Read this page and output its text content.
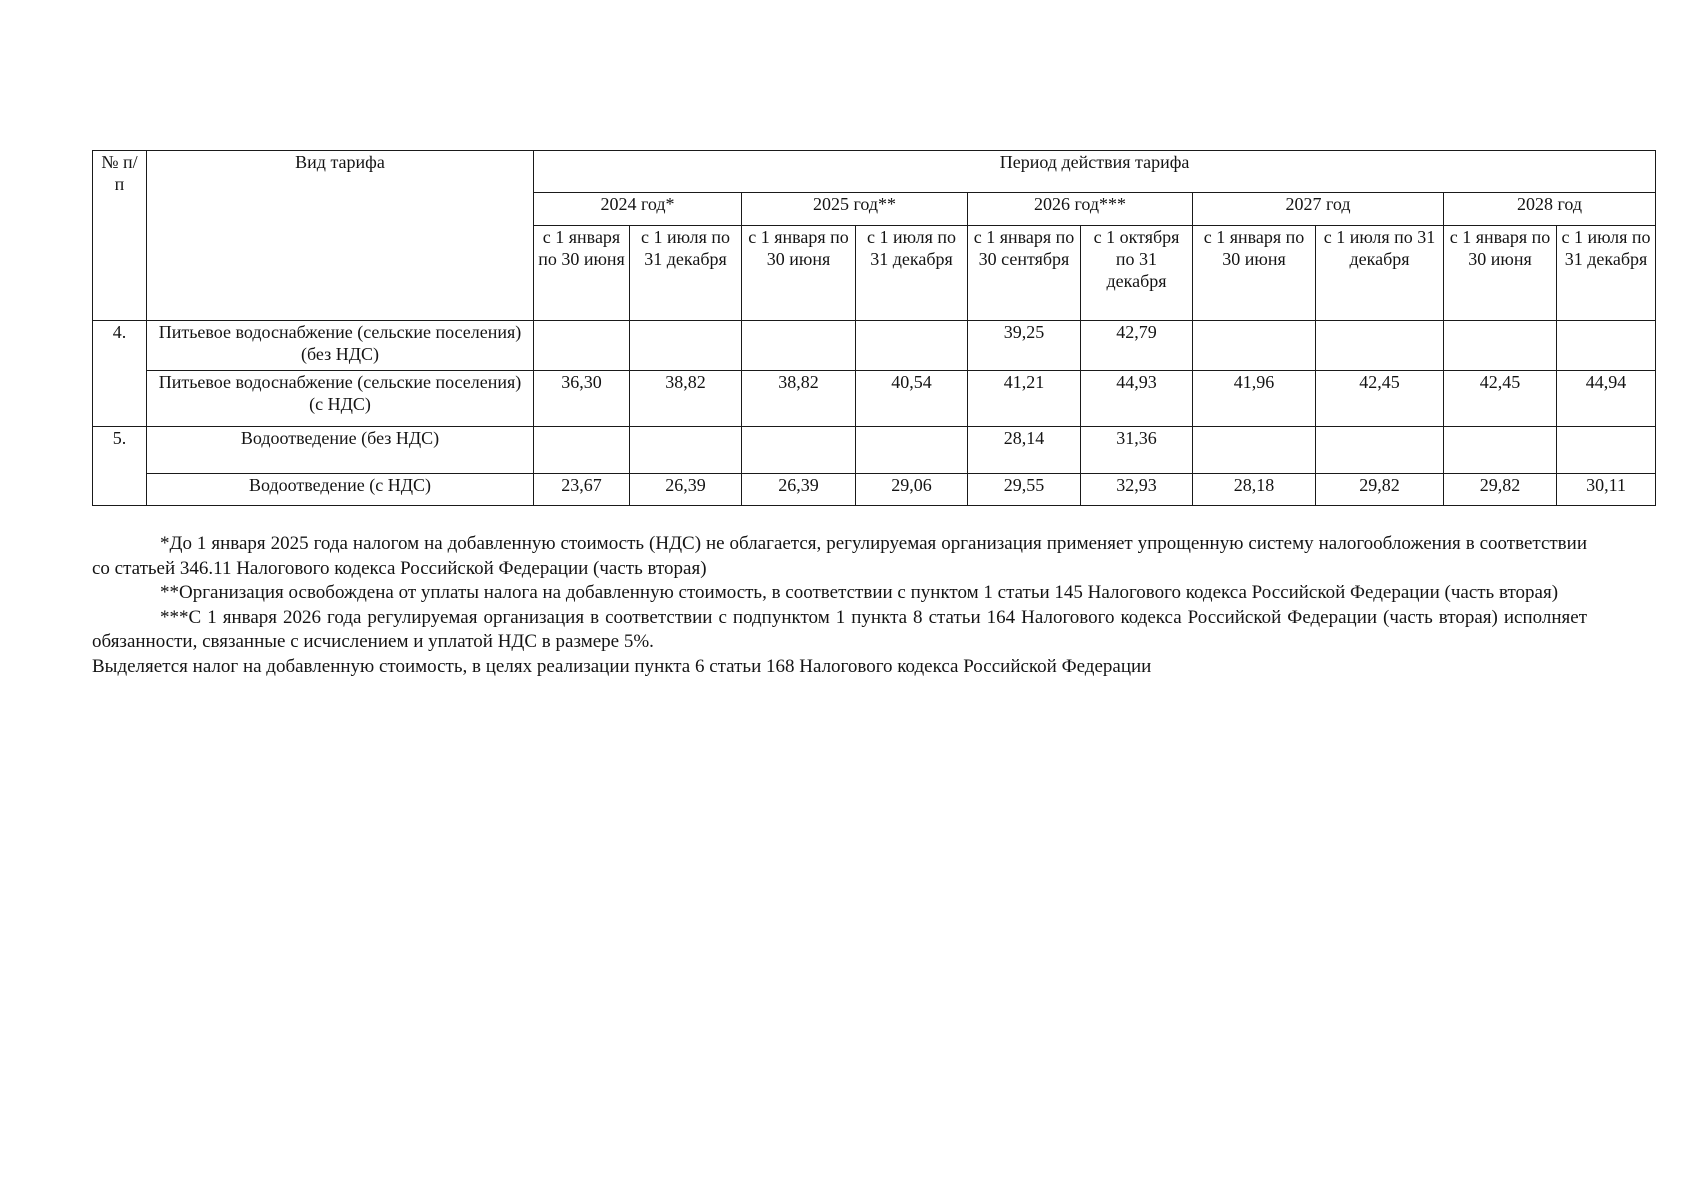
№ п/п	Вид тарифа	Период действия тарифа									
		2024 год*		2025 год**		2026 год***		2027 год		2028 год	
		с 1 января по 30 июня	с 1 июля по 31 декабря	с 1 января по 30 июня	с 1 июля по 31 декабря	с 1 января по 30 сентября	с 1 октября по 31 декабря	с 1 января по 30 июня	с 1 июля по 31 декабря	с 1 января по 30 июня	с 1 июля по 31 декабря
4.	Питьевое водоснабжение (сельские поселения) (без НДС)					39,25	42,79				
	Питьевое водоснабжение (сельские поселения) (с НДС)	36,30	38,82	38,82	40,54	41,21	44,93	41,96	42,45	42,45	44,94
5.	Водоотведение (без НДС)					28,14	31,36				
	Водоотведение (с НДС)	23,67	26,39	26,39	29,06	29,55	32,93	28,18	29,82	29,82	30,11

*До 1 января 2025 года налогом на добавленную стоимость (НДС) не облагается, регулируемая организация применяет упрощенную систему налогообложения в соответствии со статьей 346.11 Налогового кодекса Российской Федерации (часть вторая)

**Организация освобождена от уплаты налога на добавленную стоимость, в соответствии с пунктом 1 статьи 145 Налогового кодекса Российской Федерации (часть вторая)

***С 1 января 2026 года регулируемая организация в соответствии с подпунктом 1 пункта 8 статьи 164 Налогового кодекса Российской Федерации (часть вторая) исполняет обязанности, связанные с исчислением и уплатой НДС в размере 5%.

Выделяется налог на добавленную стоимость, в целях реализации пункта 6 статьи 168 Налогового кодекса Российской Федерации
